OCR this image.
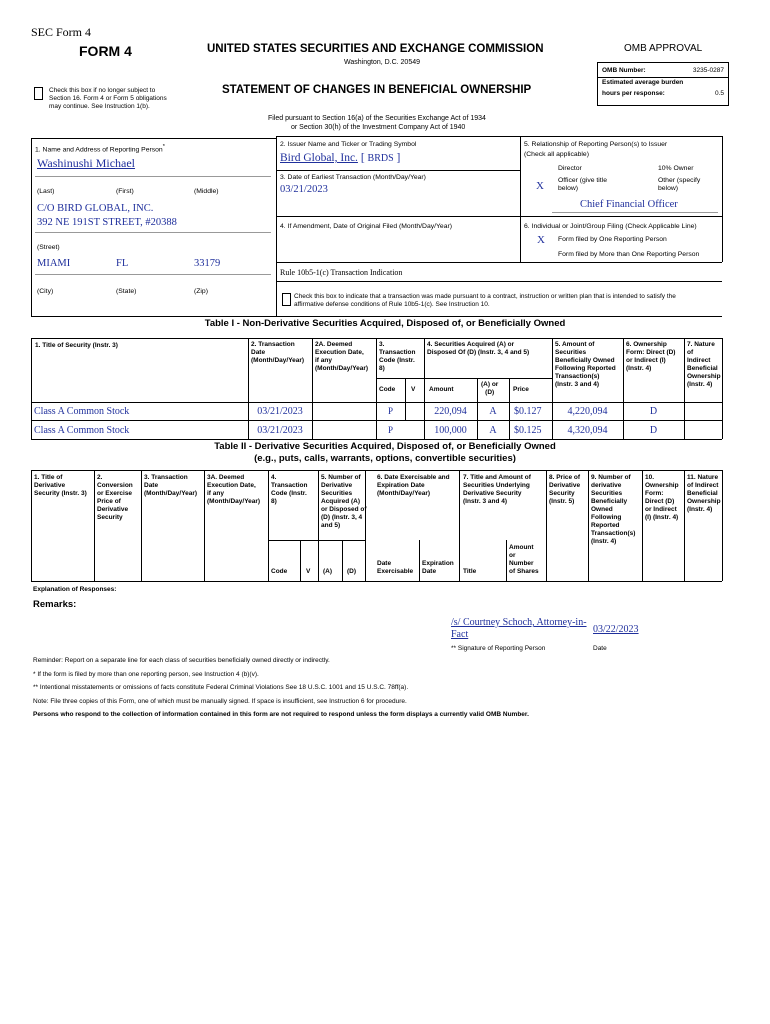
SEC Form 4
FORM 4	UNITED STATES SECURITIES AND EXCHANGE COMMISSION
Washington, D.C. 20549
Check this box if no longer subject to
Section 16. Form 4 or Form 5 obligations
may continue. See Instruction 1(b).
STATEMENT OF CHANGES IN BENEFICIAL OWNERSHIP
Filed pursuant to Section 16(a) of the Securities Exchange Act of 1934
or Section 30(h) of the Investment Company Act of 1940
OMB APPROVAL
OMB Number:	3235-0287
Estimated average burden
hours per response:	0.5
1. Name and Address of Reporting Person*
Washinushi Michael
(Last)	(First)	(Middle)
C/O BIRD GLOBAL, INC.
392 NE 191ST STREET, #20388
(Street)
MIAMI	FL	33179
(City)	(State)	(Zip)
2. Issuer Name and Ticker or Trading Symbol
Bird Global, Inc. [ BRDS ]
3. Date of Earliest Transaction (Month/Day/Year)
03/21/2023
4. If Amendment, Date of Original Filed (Month/Day/Year)
5. Relationship of Reporting Person(s) to Issuer
(Check all applicable)
Director	10% Owner
X Officer (give title
below)
Other (specify
below)
Chief Financial Officer
6. Individual or Joint/Group Filing (Check Applicable Line)
X Form filed by One Reporting Person
Form filed by More than One Reporting Person
Rule 10b5-1(c) Transaction Indication
Check this box to indicate that a transaction was made pursuant to a contract, instruction or written plan that is intended to satisfy the
affirmative defense conditions of Rule 10b5-1(c). See Instruction 10.
Table I - Non-Derivative Securities Acquired, Disposed of, or Beneficially Owned
1. Title of Security (Instr. 3)	2. Transaction
Date
(Month/Day/Year)
2A. Deemed
Execution Date,
if any
(Month/Day/Year)
3.
Transaction
Code (Instr.
8)
4. Securities Acquired (A) or
Disposed Of (D) (Instr. 3, 4 and 5)
5. Amount of
Securities
Beneficially Owned
Following Reported
Transaction(s)
(Instr. 3 and 4)
6. Ownership
Form: Direct (D)
or Indirect (I)
(Instr. 4)
7. Nature of
Indirect
Beneficial
Ownership
(Instr. 4)
Code V Amount
(A) or
(D)	Price
Class A Common Stock	03/21/2023	P	220,094	A	$0.127	4,220,094	D
Class A Common Stock	03/21/2023	P	100,000	A	$0.125	4,320,094	D
Table II - Derivative Securities Acquired, Disposed of, or Beneficially Owned
(e.g., puts, calls, warrants, options, convertible securities)
1. Title of
Derivative
Security (Instr. 3)
2.
Conversion
or Exercise
Price of
Derivative
Security
3. Transaction
Date
(Month/Day/Year)
3A. Deemed
Execution Date,
if any
(Month/Day/Year)
4.
Transaction
Code (Instr.
8)
5. Number of
Derivative
Securities
Acquired (A)
or Disposed of
(D) (Instr. 3, 4
and 5)
6. Date Exercisable and
Expiration Date
(Month/Day/Year)
7. Title and Amount of
Securities Underlying
Derivative Security
(Instr. 3 and 4)
8. Price of
Derivative
Security
(Instr. 5)
9. Number of
derivative
Securities
Beneficially
Owned
Following
Reported
Transaction(s)
(Instr. 4)
10.
Ownership
Form:
Direct (D)
or Indirect
(I) (Instr. 4)
11. Nature
of Indirect
Beneficial
Ownership
(Instr. 4)
Code	V (A) (D)
Date
Exercisable
Expiration
Date	Title
Amount
or
Number
of Shares
Explanation of Responses:
Remarks:
/s/ Courtney Schoch, Attorney-in-
Fact	03/22/2023
** Signature of Reporting Person	Date
Reminder: Report on a separate line for each class of securities beneficially owned directly or indirectly.
* If the form is filed by more than one reporting person, see Instruction 4 (b)(v).
** Intentional misstatements or omissions of facts constitute Federal Criminal Violations See 18 U.S.C. 1001 and 15 U.S.C. 78ff(a).
Note: File three copies of this Form, one of which must be manually signed. If space is insufficient, see Instruction 6 for procedure.
Persons who respond to the collection of information contained in this form are not required to respond unless the form displays a currently valid OMB Number.
